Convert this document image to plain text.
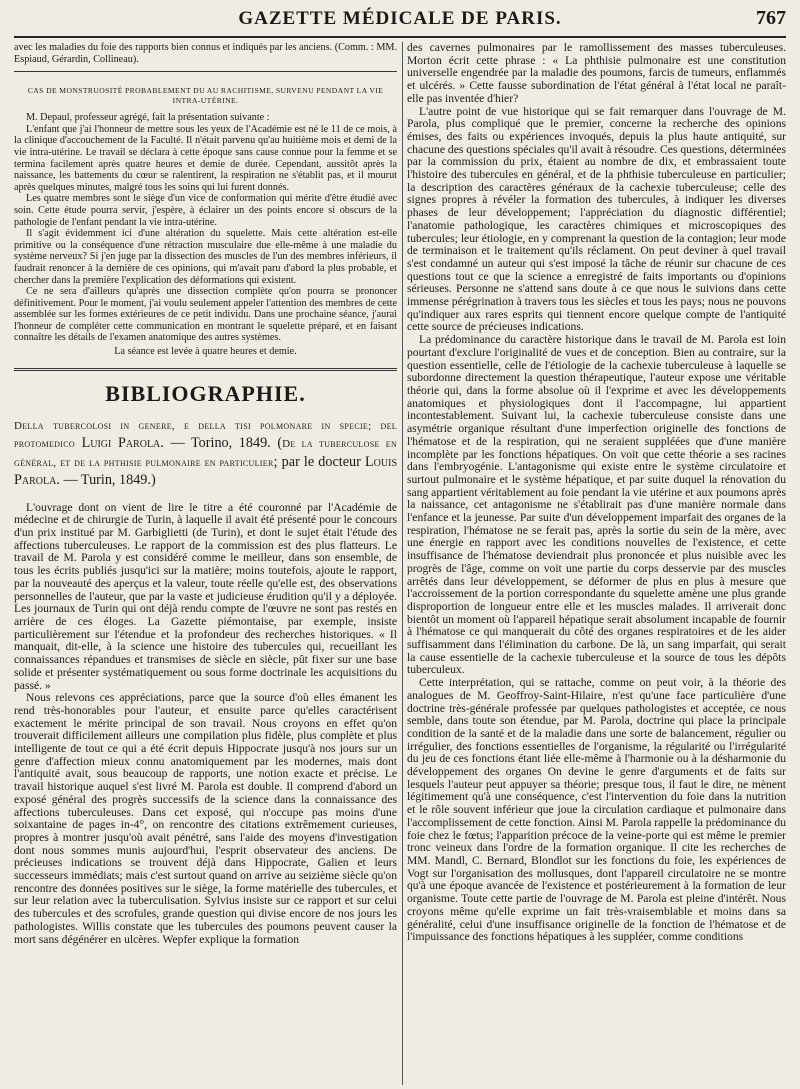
GAZETTE MÉDICALE DE PARIS.	767

avec les maladies du foie des rapports bien connus et indiqués par les anciens. (Comm. : MM. Espiaud, Gérardin, Collineau).

CAS DE MONSTRUOSITÉ PROBABLEMENT DU AU RACHITISME, SURVENU PENDANT LA VIE INTRA-UTÉRINE.

M. Depaul, professeur agrégé, fait la présentation suivante :

L'enfant que j'ai l'honneur de mettre sous les yeux de l'Académie est né le 11 de ce mois, à la clinique d'accouchement de la Faculté. Il n'était parvenu qu'au huitième mois et demi de la vie intra-utérine. Le travail se déclara à cette époque sans cause connue pour la femme et se termina facilement après quatre heures et demie de durée. Cependant, aussitôt après la naissance, les battements du cœur se ralentirent, la respiration ne s'établit pas, et il mourut après quelques minutes, malgré tous les soins qui lui furent donnés.

Les quatre membres sont le siège d'un vice de conformation qui mérite d'être étudié avec soin. Cette étude pourra servir, j'espère, à éclairer un des points encore si obscurs de la pathologie de l'enfant pendant la vie intra-utérine.

Il s'agit évidemment ici d'une altération du squelette. Mais cette altération est-elle primitive ou la conséquence d'une rétraction musculaire due elle-même à une maladie du système nerveux? Si j'en juge par la dissection des muscles de l'un des membres inférieurs, il faudrait renoncer à la dernière de ces opinions, qui m'avait paru d'abord la plus probable, et chercher dans la première l'explication des déformations qui existent.

Ce ne sera d'ailleurs qu'après une dissection complète qu'on pourra se prononcer définitivement. Pour le moment, j'ai voulu seulement appeler l'attention des membres de cette assemblée sur les formes extérieures de ce petit individu. Dans une prochaine séance, j'aurai l'honneur de compléter cette communication en montrant le squelette préparé, et en faisant connaître les détails de l'examen anatomique des autres systèmes.

La séance est levée à quatre heures et demie.

BIBLIOGRAPHIE.
Della tubercolosi in genere, e della tisi polmonare in specie; del protomedico Luigi Parola. — Torino, 1849. (De la tuberculose en général, et de la phthisie pulmonaire en particulier; par le docteur Louis Parola. — Turin, 1849.)

L'ouvrage dont on vient de lire le titre a été couronné par l'Académie de médecine et de chirurgie de Turin, à laquelle il avait été présenté pour le concours d'un prix institué par M. Garbiglietti (de Turin), et dont le sujet était l'étude des affections tuberculeuses. Le rapport de la commission est des plus flatteurs. Le travail de M. Parola y est considéré comme le meilleur, dans son ensemble, de tous les écrits publiés jusqu'ici sur la matière; moins toutefois, ajoute le rapport, par la nouveauté des aperçus et la valeur, toute réelle qu'elle est, des observations personnelles de l'auteur, que par la vaste et judicieuse érudition qu'il y a déployée. Les journaux de Turin qui ont déjà rendu compte de l'œuvre ne sont pas restés en arrière de ces éloges. La Gazette piémontaise, par exemple, insiste particulièrement sur l'étendue et la profondeur des recherches historiques. « Il manquait, dit-elle, à la science une histoire des tubercules qui, recueillant les connaissances répandues et transmises de siècle en siècle, pût fixer sur une base solide et présenter systématiquement ou sous forme doctrinale les acquisitions du passé. »

Nous relevons ces appréciations, parce que la source d'où elles émanent les rend très-honorables pour l'auteur, et ensuite parce qu'elles caractérisent exactement le mérite principal de son travail. Nous croyons en effet qu'on trouverait difficilement ailleurs une compilation plus fidèle, plus complète et plus intelligente de tout ce qui a été écrit depuis Hippocrate jusqu'à nos jours sur un genre d'affection mieux connu anatomiquement par les modernes, mais dont l'antiquité avait, sous beaucoup de rapports, une notion exacte et précise. Le travail historique auquel s'est livré M. Parola est double. Il comprend d'abord un exposé général des progrès successifs de la science dans la connaissance des affections tuberculeuses. Dans cet exposé, qui n'occupe pas moins d'une soixantaine de pages in-4°, on rencontre des citations extrêmement curieuses, propres à montrer jusqu'où avait pénétré, sans l'aide des moyens d'investigation dont nous sommes munis aujourd'hui, l'esprit observateur des anciens. De précieuses indications se trouvent déjà dans Hippocrate, Galien et leurs successeurs immédiats; mais c'est surtout quand on arrive au seizième siècle qu'on rencontre des données positives sur le siège, la forme matérielle des tubercules, et sur leur relation avec la tuberculisation. Sylvius insiste sur ce rapport et sur celui des tubercules et des scrofules, grande question qui divise encore de nos jours les pathologistes. Willis constate que les tubercules des poumons peuvent causer la mort sans dégénérer en ulcères. Wepfer explique la formation

des cavernes pulmonaires par le ramollissement des masses tuberculeuses. Morton écrit cette phrase : « La phthisie pulmonaire est une constitution universelle engendrée par la maladie des poumons, farcis de tumeurs, enflammés et ulcérés. » Cette fausse subordination de l'état général à l'état local ne paraît-elle pas inventée d'hier?

L'autre point de vue historique qui se fait remarquer dans l'ouvrage de M. Parola, plus compliqué que le premier, concerne la recherche des opinions émises, des faits ou expériences invoqués, depuis la plus haute antiquité, sur chacune des questions spéciales qu'il avait à résoudre. Ces questions, déterminées par la commission du prix, étaient au nombre de dix, et embrassaient toute l'histoire des tubercules en général, et de la phthisie tuberculeuse en particulier; la description des caractères généraux de la cachexie tuberculeuse; celle des signes propres à révéler la formation des tubercules, à indiquer les diverses phases de leur développement; l'appréciation du diagnostic différentiel; l'anatomie pathologique, les caractères chimiques et microscopiques des tubercules; leur étiologie, en y comprenant la question de la contagion; leur mode de terminaison et le traitement qu'ils réclament. On peut deviner à quel travail s'est condamné un auteur qui s'est imposé la tâche de réunir sur chacune de ces questions tout ce que la science a enregistré de faits importants ou d'opinions sérieuses. Personne ne s'attend sans doute à ce que nous le suivions dans cette immense pérégrination à travers tous les siècles et tous les pays; nous ne pouvons qu'indiquer aux rares esprits qui tiennent encore quelque compte de l'antiquité cette source de précieuses indications.

La prédominance du caractère historique dans le travail de M. Parola est loin pourtant d'exclure l'originalité de vues et de conception. Bien au contraire, sur la question essentielle, celle de l'étiologie de la cachexie tuberculeuse à laquelle se subordonne directement la question thérapeutique, l'auteur expose une véritable théorie qui, dans la forme absolue où il l'exprime et avec les développements anatomiques et physiologiques dont il l'accompagne, lui appartient incontestablement. Suivant lui, la cachexie tuberculeuse consiste dans une asymétrie organique résultant d'une imperfection originelle des fonctions de l'hématose et de la respiration, qui ne seraient suppléées que d'une manière incomplète par les fonctions hépatiques. On voit que cette théorie a ses racines dans l'embryogénie. L'antagonisme qui existe entre le système circulatoire et surtout pulmonaire et le système hépatique, et par suite duquel la rénovation du sang appartient véritablement au foie pendant la vie utérine et aux poumons après la naissance, cet antagonisme ne s'établirait pas d'une manière normale dans l'enfance et la jeunesse. Par suite d'un développement imparfait des organes de la respiration, l'hématose ne se ferait pas, après la sortie du sein de la mère, avec une énergie en rapport avec les conditions nouvelles de l'existence, et cette insuffisance de l'hématose deviendrait plus prononcée et plus nuisible avec les progrès de l'âge, comme on voit une partie du corps desservie par des muscles arrêtés dans leur développement, se déformer de plus en plus à mesure que l'accroissement de la portion correspondante du squelette amène une plus grande disproportion de longueur entre elle et les muscles malades. Il arriverait donc bientôt un moment où l'appareil hépatique serait absolument incapable de fournir à l'hématose ce qui manquerait du côté des organes respiratoires et de les aider suffisamment dans l'élimination du carbone. De là, un sang imparfait, qui serait la cause essentielle de la cachexie tuberculeuse et la source de tous les dépôts tuberculeux.

Cette interprétation, qui se rattache, comme on peut voir, à la théorie des analogues de M. Geoffroy-Saint-Hilaire, n'est qu'une face particulière d'une doctrine très-générale professée par quelques pathologistes et acceptée, ce nous semble, dans toute son étendue, par M. Parola, doctrine qui place la principale condition de la santé et de la maladie dans une sorte de balancement, régulier ou irrégulier, des fonctions essentielles de l'organisme, la régularité ou l'irrégularité du jeu de ces fonctions étant liée elle-même à l'harmonie ou à la désharmonie du développement des organes On devine le genre d'arguments et de faits sur lesquels l'auteur peut appuyer sa théorie; presque tous, il faut le dire, ne mènent légitimement qu'à une conséquence, c'est l'intervention du foie dans la nutrition et le rôle souvent inférieur que joue la circulation cardiaque et pulmonaire dans l'accomplissement de cette fonction. Ainsi M. Parola rappelle la prédominance du foie chez le fœtus; l'apparition précoce de la veine-porte qui est même le premier tronc veineux dans l'ordre de la formation organique. Il cite les recherches de MM. Mandl, C. Bernard, Blondlot sur les fonctions du foie, les expériences de Vogt sur l'organisation des mollusques, dont l'appareil circulatoire ne se montre qu'à une époque avancée de l'existence et postérieurement à la formation de leur organisme. Toute cette partie de l'ouvrage de M. Parola est pleine d'intérêt. Nous croyons même qu'elle exprime un fait très-vraisemblable et moins dans sa généralité, celui d'une insuffisance originelle de la fonction de l'hématose et de l'impuissance des fonctions hépatiques à les suppléer, comme conditions
